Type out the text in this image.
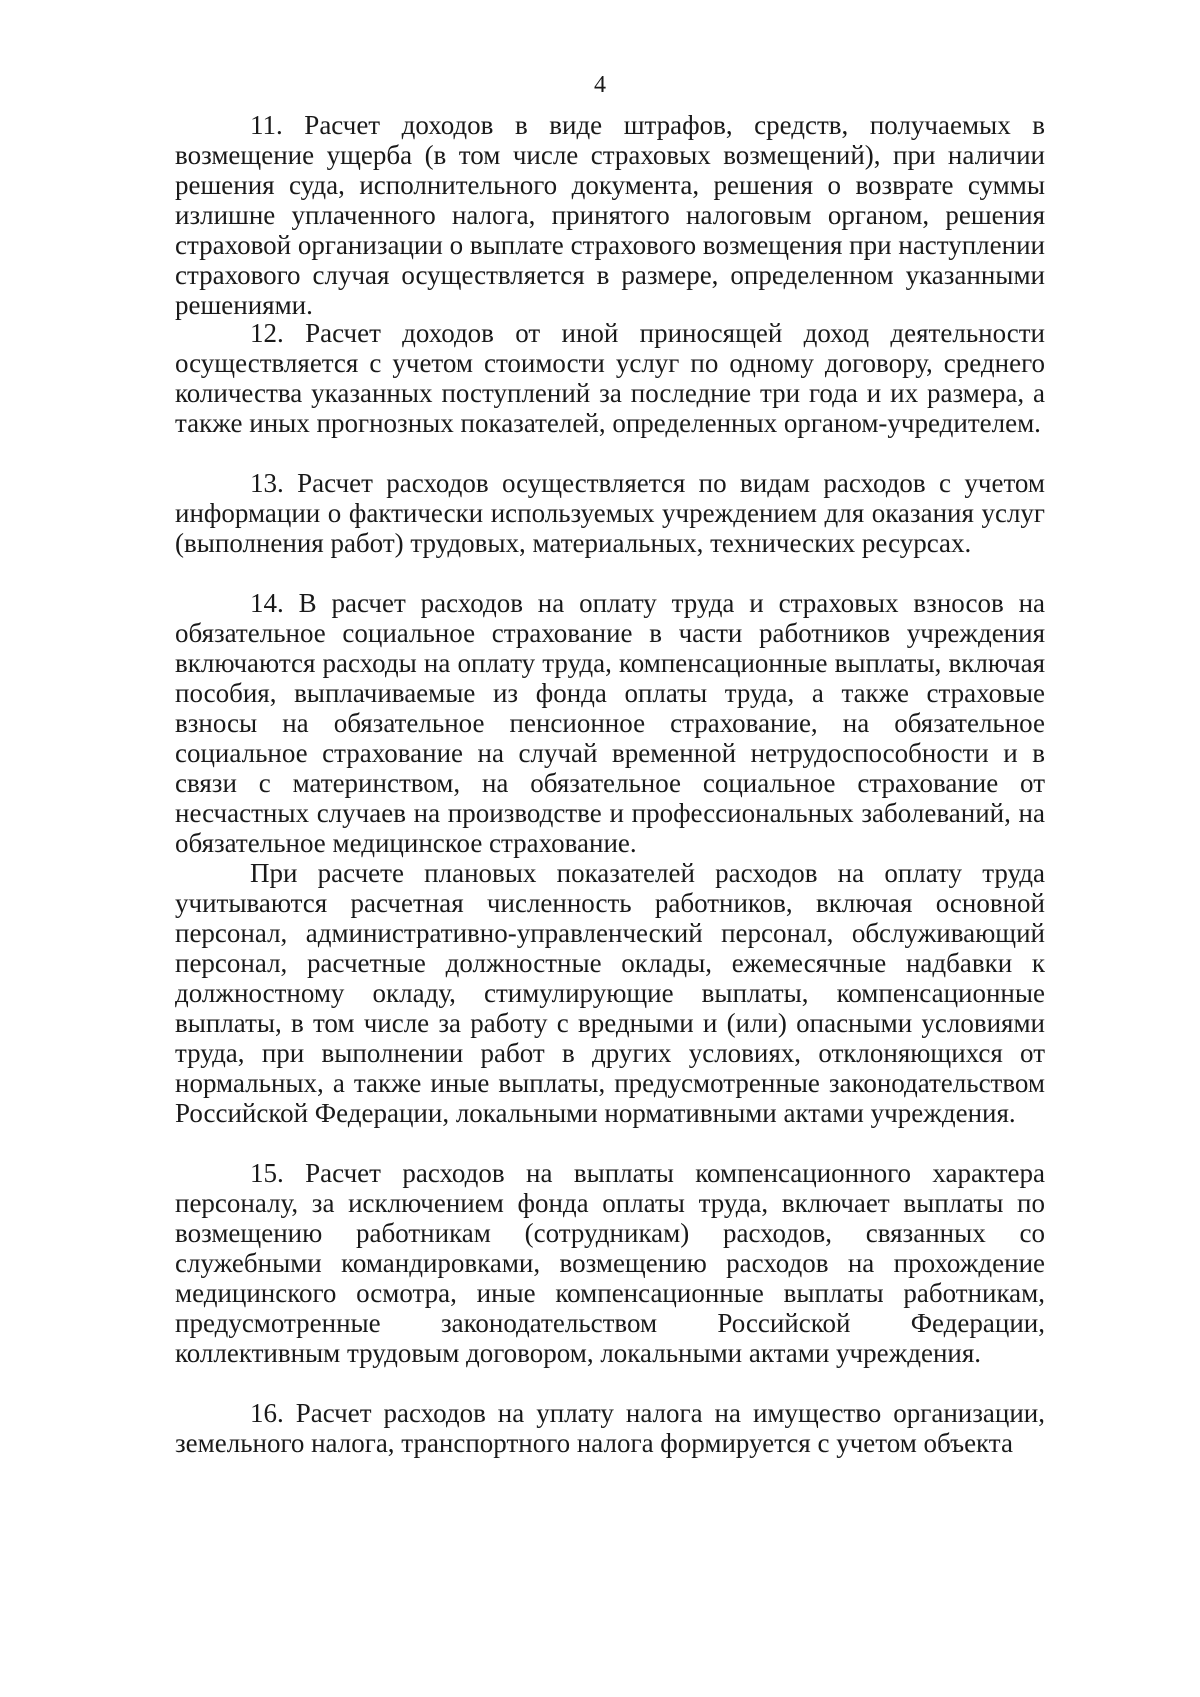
4

11. Расчет доходов в виде штрафов, средств, получаемых в возмещение ущерба (в том числе страховых возмещений), при наличии решения суда, исполнительного документа, решения о возврате суммы излишне уплаченного налога, принятого налоговым органом, решения страховой организации о выплате страхового возмещения при наступлении страхового случая осуществляется в размере, определенном указанными решениями.

12. Расчет доходов от иной приносящей доход деятельности осуществляется с учетом стоимости услуг по одному договору, среднего количества указанных поступлений за последние три года и их размера, а также иных прогнозных показателей, определенных органом-учредителем.

13. Расчет расходов осуществляется по видам расходов с учетом информации о фактически используемых учреждением для оказания услуг (выполнения работ) трудовых, материальных, технических ресурсах.

14. В расчет расходов на оплату труда и страховых взносов на обязательное социальное страхование в части работников учреждения включаются расходы на оплату труда, компенсационные выплаты, включая пособия, выплачиваемые из фонда оплаты труда, а также страховые взносы на обязательное пенсионное страхование, на обязательное социальное страхование на случай временной нетрудоспособности и в связи с материнством, на обязательное социальное страхование от несчастных случаев на производстве и профессиональных заболеваний, на обязательное медицинское страхование.

При расчете плановых показателей расходов на оплату труда учитываются расчетная численность работников, включая основной персонал, административно-управленческий персонал, обслуживающий персонал, расчетные должностные оклады, ежемесячные надбавки к должностному окладу, стимулирующие выплаты, компенсационные выплаты, в том числе за работу с вредными и (или) опасными условиями труда, при выполнении работ в других условиях, отклоняющихся от нормальных, а также иные выплаты, предусмотренные законодательством Российской Федерации, локальными нормативными актами учреждения.

15. Расчет расходов на выплаты компенсационного характера персоналу, за исключением фонда оплаты труда, включает выплаты по возмещению работникам (сотрудникам) расходов, связанных со служебными командировками, возмещению расходов на прохождение медицинского осмотра, иные компенсационные выплаты работникам, предусмотренные законодательством Российской Федерации, коллективным трудовым договором, локальными актами учреждения.

16. Расчет расходов на уплату налога на имущество организации, земельного налога, транспортного налога формируется с учетом объекта
